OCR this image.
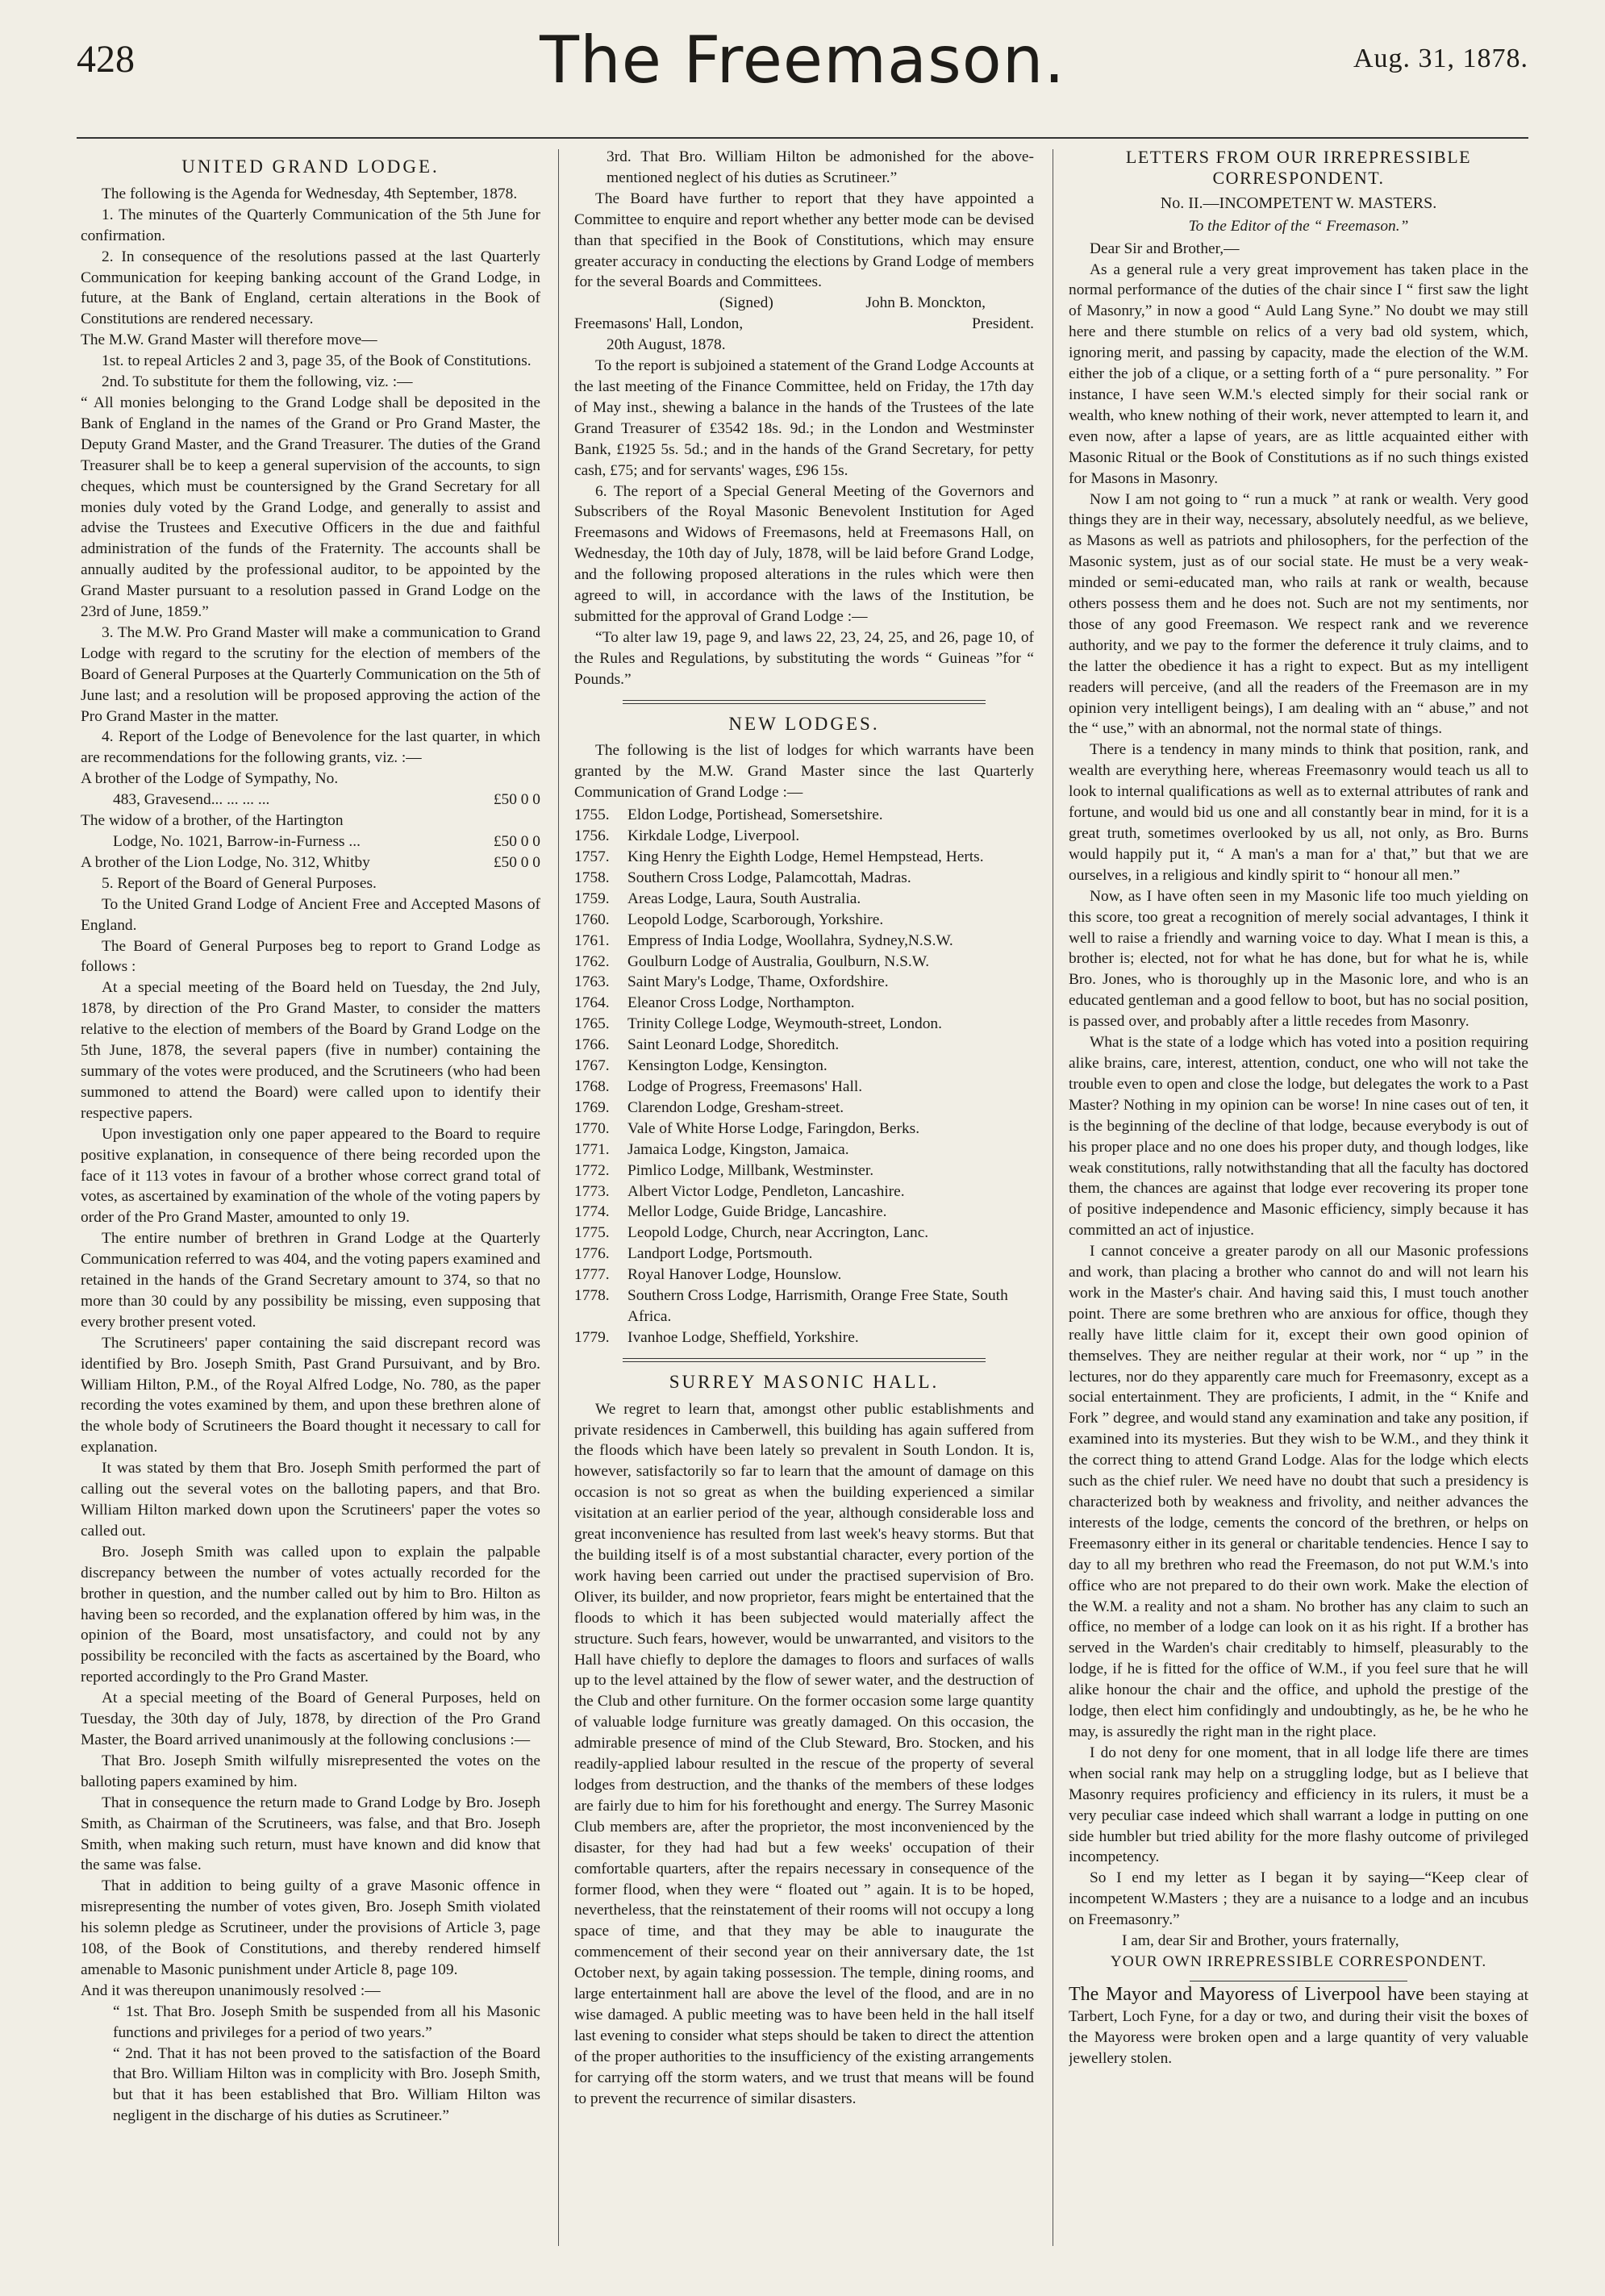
428	The Freemason.	Aug. 31, 1878.
UNITED GRAND LODGE.

The following is the Agenda for Wednesday, 4th September, 1878.

1. The minutes of the Quarterly Communication of the 5th June for confirmation.

2. In consequence of the resolutions passed at the last Quarterly Communication for keeping banking account of the Grand Lodge, in future, at the Bank of England, certain alterations in the Book of Constitutions are rendered necessary.

The M.W. Grand Master will therefore move—

1st. to repeal Articles 2 and 3, page 35, of the Book of Constitutions.

2nd. To substitute for them the following, viz. :—

“ All monies belonging to the Grand Lodge shall be deposited in the Bank of England in the names of the Grand or Pro Grand Master, the Deputy Grand Master, and the Grand Treasurer. The duties of the Grand Treasurer shall be to keep a general supervision of the accounts, to sign cheques, which must be countersigned by the Grand Secretary for all monies duly voted by the Grand Lodge, and generally to assist and advise the Trustees and Executive Officers in the due and faithful administration of the funds of the Fraternity. The accounts shall be annually audited by the professional auditor, to be appointed by the Grand Master pursuant to a resolution passed in Grand Lodge on the 23rd of June, 1859.”

3. The M.W. Pro Grand Master will make a communication to Grand Lodge with regard to the scrutiny for the election of members of the Board of General Purposes at the Quarterly Communication on the 5th of June last; and a resolution will be proposed approving the action of the Pro Grand Master in the matter.

4. Report of the Lodge of Benevolence for the last quarter, in which are recommendations for the following grants, viz. :—

A brother of the Lodge of Sympathy, No.

483, Gravesend... ... ... ...	£50 0 0

The widow of a brother, of the Hartington

Lodge, No. 1021, Barrow-in-Furness ...	£50 0 0
A brother of the Lion Lodge, No. 312, Whitby	£50 0 0

5. Report of the Board of General Purposes.

To the United Grand Lodge of Ancient Free and Accepted Masons of England.

The Board of General Purposes beg to report to Grand Lodge as follows :

At a special meeting of the Board held on Tuesday, the 2nd July, 1878, by direction of the Pro Grand Master, to consider the matters relative to the election of members of the Board by Grand Lodge on the 5th June, 1878, the several papers (five in number) containing the summary of the votes were produced, and the Scrutineers (who had been summoned to attend the Board) were called upon to identify their respective papers.

Upon investigation only one paper appeared to the Board to require positive explanation, in consequence of there being recorded upon the face of it 113 votes in favour of a brother whose correct grand total of votes, as ascertained by examination of the whole of the voting papers by order of the Pro Grand Master, amounted to only 19.

The entire number of brethren in Grand Lodge at the Quarterly Communication referred to was 404, and the voting papers examined and retained in the hands of the Grand Secretary amount to 374, so that no more than 30 could by any possibility be missing, even supposing that every brother present voted.

The Scrutineers' paper containing the said discrepant record was identified by Bro. Joseph Smith, Past Grand Pursuivant, and by Bro. William Hilton, P.M., of the Royal Alfred Lodge, No. 780, as the paper recording the votes examined by them, and upon these brethren alone of the whole body of Scrutineers the Board thought it necessary to call for explanation.

It was stated by them that Bro. Joseph Smith performed the part of calling out the several votes on the balloting papers, and that Bro. William Hilton marked down upon the Scrutineers' paper the votes so called out.

Bro. Joseph Smith was called upon to explain the palpable discrepancy between the number of votes actually recorded for the brother in question, and the number called out by him to Bro. Hilton as having been so recorded, and the explanation offered by him was, in the opinion of the Board, most unsatisfactory, and could not by any possibility be reconciled with the facts as ascertained by the Board, who reported accordingly to the Pro Grand Master.

At a special meeting of the Board of General Purposes, held on Tuesday, the 30th day of July, 1878, by direction of the Pro Grand Master, the Board arrived unanimously at the following conclusions :—

That Bro. Joseph Smith wilfully misrepresented the votes on the balloting papers examined by him.

That in consequence the return made to Grand Lodge by Bro. Joseph Smith, as Chairman of the Scrutineers, was false, and that Bro. Joseph Smith, when making such return, must have known and did know that the same was false.

That in addition to being guilty of a grave Masonic offence in misrepresenting the number of votes given, Bro. Joseph Smith violated his solemn pledge as Scrutineer, under the provisions of Article 3, page 108, of the Book of Constitutions, and thereby rendered himself amenable to Masonic punishment under Article 8, page 109.

And it was thereupon unanimously resolved :—

“ 1st. That Bro. Joseph Smith be suspended from all his Masonic functions and privileges for a period of two years.”

“ 2nd. That it has not been proved to the satisfaction of the Board that Bro. William Hilton was in complicity with Bro. Joseph Smith, but that it has been established that Bro. William Hilton was negligent in the discharge of his duties as Scrutineer.”

3rd. That Bro. William Hilton be admonished for the above-mentioned neglect of his duties as Scrutineer.”

The Board have further to report that they have appointed a Committee to enquire and report whether any better mode can be devised than that specified in the Book of Constitutions, which may ensure greater accuracy in conducting the elections by Grand Lodge of members for the several Boards and Committees.

(Signed)	John B. Monckton,
Freemasons' Hall, London,	President.
20th August, 1878.

To the report is subjoined a statement of the Grand Lodge Accounts at the last meeting of the Finance Committee, held on Friday, the 17th day of May inst., shewing a balance in the hands of the Trustees of the late Grand Treasurer of £3542 18s. 9d.; in the London and Westminster Bank, £1925 5s. 5d.; and in the hands of the Grand Secretary, for petty cash, £75; and for servants' wages, £96 15s.

6. The report of a Special General Meeting of the Governors and Subscribers of the Royal Masonic Benevolent Institution for Aged Freemasons and Widows of Freemasons, held at Freemasons Hall, on Wednesday, the 10th day of July, 1878, will be laid before Grand Lodge, and the following proposed alterations in the rules which were then agreed to will, in accordance with the laws of the Institution, be submitted for the approval of Grand Lodge :—

“To alter law 19, page 9, and laws 22, 23, 24, 25, and 26, page 10, of the Rules and Regulations, by substituting the words “ Guineas ”for “ Pounds.”

NEW LODGES.

The following is the list of lodges for which warrants have been granted by the M.W. Grand Master since the last Quarterly Communication of Grand Lodge :—

1755.	Eldon Lodge, Portishead, Somersetshire.
1756.	Kirkdale Lodge, Liverpool.
1757.	King Henry the Eighth Lodge, Hemel Hempstead, Herts.
1758.	Southern Cross Lodge, Palamcottah, Madras.
1759.	Areas Lodge, Laura, South Australia.
1760.	Leopold Lodge, Scarborough, Yorkshire.
1761.	Empress of India Lodge, Woollahra, Sydney,N.S.W.
1762.	Goulburn Lodge of Australia, Goulburn, N.S.W.
1763.	Saint Mary's Lodge, Thame, Oxfordshire.
1764.	Eleanor Cross Lodge, Northampton.
1765.	Trinity College Lodge, Weymouth-street, London.
1766.	Saint Leonard Lodge, Shoreditch.
1767.	Kensington Lodge, Kensington.
1768.	Lodge of Progress, Freemasons' Hall.
1769.	Clarendon Lodge, Gresham-street.
1770.	Vale of White Horse Lodge, Faringdon, Berks.
1771.	Jamaica Lodge, Kingston, Jamaica.
1772.	Pimlico Lodge, Millbank, Westminster.
1773.	Albert Victor Lodge, Pendleton, Lancashire.
1774.	Mellor Lodge, Guide Bridge, Lancashire.
1775.	Leopold Lodge, Church, near Accrington, Lanc.
1776.	Landport Lodge, Portsmouth.
1777.	Royal Hanover Lodge, Hounslow.
1778.	Southern Cross Lodge, Harrismith, Orange Free State, South Africa.
1779.	Ivanhoe Lodge, Sheffield, Yorkshire.
SURREY MASONIC HALL.

We regret to learn that, amongst other public establishments and private residences in Camberwell, this building has again suffered from the floods which have been lately so prevalent in South London. It is, however, satisfactorily so far to learn that the amount of damage on this occasion is not so great as when the building experienced a similar visitation at an earlier period of the year, although considerable loss and great inconvenience has resulted from last week's heavy storms. But that the building itself is of a most substantial character, every portion of the work having been carried out under the practised supervision of Bro. Oliver, its builder, and now proprietor, fears might be entertained that the floods to which it has been subjected would materially affect the structure. Such fears, however, would be unwarranted, and visitors to the Hall have chiefly to deplore the damages to floors and surfaces of walls up to the level attained by the flow of sewer water, and the destruction of the Club and other furniture. On the former occasion some large quantity of valuable lodge furniture was greatly damaged. On this occasion, the admirable presence of mind of the Club Steward, Bro. Stocken, and his readily-applied labour resulted in the rescue of the property of several lodges from destruction, and the thanks of the members of these lodges are fairly due to him for his forethought and energy. The Surrey Masonic Club members are, after the proprietor, the most inconvenienced by the disaster, for they had had but a few weeks' occupation of their comfortable quarters, after the repairs necessary in consequence of the former flood, when they were “ floated out ” again. It is to be hoped, nevertheless, that the reinstatement of their rooms will not occupy a long space of time, and that they may be able to inaugurate the commencement of their second year on their anniversary date, the 1st October next, by again taking possession. The temple, dining rooms, and large entertainment hall are above the level of the flood, and are in no wise damaged. A public meeting was to have been held in the hall itself last evening to consider what steps should be taken to direct the attention of the proper authorities to the insufficiency of the existing arrangements for carrying off the storm waters, and we trust that means will be found to prevent the recurrence of similar disasters.

LETTERS FROM OUR IRREPRESSIBLE
CORRESPONDENT.
No. II.—INCOMPETENT W. MASTERS.
To the Editor of the “ Freemason.”

Dear Sir and Brother,—

As a general rule a very great improvement has taken place in the normal performance of the duties of the chair since I “ first saw the light of Masonry,” in now a good “ Auld Lang Syne.” No doubt we may still here and there stumble on relics of a very bad old system, which, ignoring merit, and passing by capacity, made the election of the W.M. either the job of a clique, or a setting forth of a “ pure personality. ” For instance, I have seen W.M.'s elected simply for their social rank or wealth, who knew nothing of their work, never attempted to learn it, and even now, after a lapse of years, are as little acquainted either with Masonic Ritual or the Book of Constitutions as if no such things existed for Masons in Masonry.

Now I am not going to “ run a muck ” at rank or wealth. Very good things they are in their way, necessary, absolutely needful, as we believe, as Masons as well as patriots and philosophers, for the perfection of the Masonic system, just as of our social state. He must be a very weak-minded or semi-educated man, who rails at rank or wealth, because others possess them and he does not. Such are not my sentiments, nor those of any good Freemason. We respect rank and we reverence authority, and we pay to the former the deference it truly claims, and to the latter the obedience it has a right to expect. But as my intelligent readers will perceive, (and all the readers of the Freemason are in my opinion very intelligent beings), I am dealing with an “ abuse,” and not the “ use,” with an abnormal, not the normal state of things.

There is a tendency in many minds to think that position, rank, and wealth are everything here, whereas Freemasonry would teach us all to look to internal qualifications as well as to external attributes of rank and fortune, and would bid us one and all constantly bear in mind, for it is a great truth, sometimes overlooked by us all, not only, as Bro. Burns would happily put it, “ A man's a man for a' that,” but that we are ourselves, in a religious and kindly spirit to “ honour all men.”

Now, as I have often seen in my Masonic life too much yielding on this score, too great a recognition of merely social advantages, I think it well to raise a friendly and warning voice to day. What I mean is this, a brother is; elected, not for what he has done, but for what he is, while Bro. Jones, who is thoroughly up in the Masonic lore, and who is an educated gentleman and a good fellow to boot, but has no social position, is passed over, and probably after a little recedes from Masonry.

What is the state of a lodge which has voted into a position requiring alike brains, care, interest, attention, conduct, one who will not take the trouble even to open and close the lodge, but delegates the work to a Past Master? Nothing in my opinion can be worse! In nine cases out of ten, it is the beginning of the decline of that lodge, because everybody is out of his proper place and no one does his proper duty, and though lodges, like weak constitutions, rally notwithstanding that all the faculty has doctored them, the chances are against that lodge ever recovering its proper tone of positive independence and Masonic efficiency, simply because it has committed an act of injustice.

I cannot conceive a greater parody on all our Masonic professions and work, than placing a brother who cannot do and will not learn his work in the Master's chair. And having said this, I must touch another point. There are some brethren who are anxious for office, though they really have little claim for it, except their own good opinion of themselves. They are neither regular at their work, nor “ up ” in the lectures, nor do they apparently care much for Freemasonry, except as a social entertainment. They are proficients, I admit, in the “ Knife and Fork ” degree, and would stand any examination and take any position, if examined into its mysteries. But they wish to be W.M., and they think it the correct thing to attend Grand Lodge. Alas for the lodge which elects such as the chief ruler. We need have no doubt that such a presidency is characterized both by weakness and frivolity, and neither advances the interests of the lodge, cements the concord of the brethren, or helps on Freemasonry either in its general or charitable tendencies. Hence I say to day to all my brethren who read the Freemason, do not put W.M.'s into office who are not prepared to do their own work. Make the election of the W.M. a reality and not a sham. No brother has any claim to such an office, no member of a lodge can look on it as his right. If a brother has served in the Warden's chair creditably to himself, pleasurably to the lodge, if he is fitted for the office of W.M., if you feel sure that he will alike honour the chair and the office, and uphold the prestige of the lodge, then elect him confidingly and undoubtingly, as he, be he who he may, is assuredly the right man in the right place.

I do not deny for one moment, that in all lodge life there are times when social rank may help on a struggling lodge, but as I believe that Masonry requires proficiency and efficiency in its rulers, it must be a very peculiar case indeed which shall warrant a lodge in putting on one side humbler but tried ability for the more flashy outcome of privileged incompetency.

So I end my letter as I began it by saying—“Keep clear of incompetent W.Masters ; they are a nuisance to a lodge and an incubus on Freemasonry.”

I am, dear Sir and Brother, yours fraternally,

YOUR OWN IRREPRESSIBLE CORRESPONDENT.

The Mayor and Mayoress of Liverpool have been staying at Tarbert, Loch Fyne, for a day or two, and during their visit the boxes of the Mayoress were broken open and a large quantity of very valuable jewellery stolen.
